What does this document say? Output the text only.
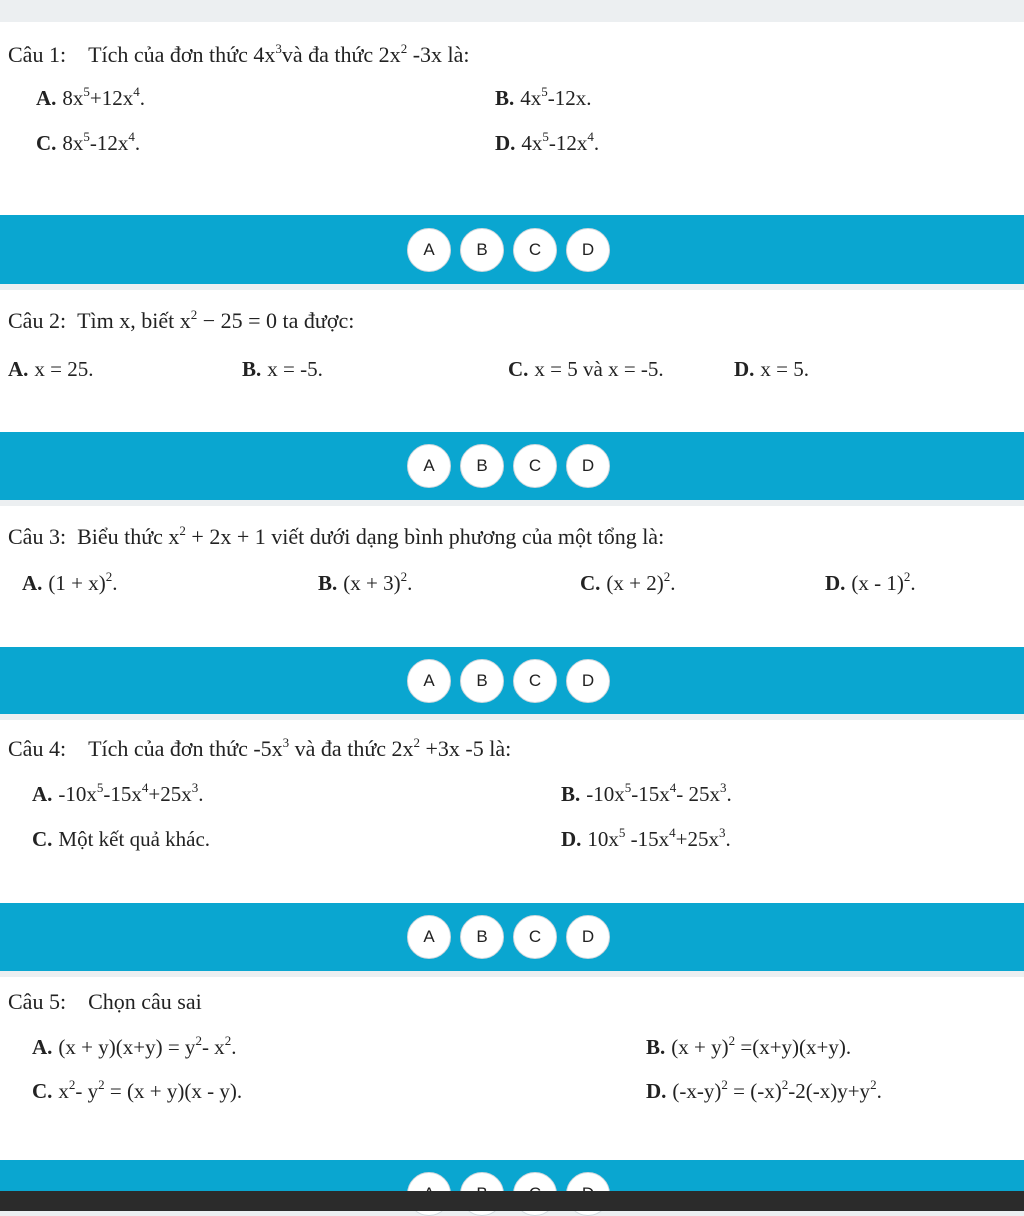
Câu 1: Tích của đơn thức $4x^3và$ đa thức $2x^2$ -3x là:
A. $8x^5+12x^4$.	B. $4x^5-12x$.
C. $8x^5-12x^4$.	D. $4x^5-12x^4$.
A	B	C	D
Câu 2: Tìm x, biết $x^2 - 25 = 0$ ta được:
A. x = 25.	B. x = -5.	C. x = 5 và x = -5.	D. x = 5.
A	B	C	D
Câu 3: Biểu thức $x^2 + 2x + 1$ viết dưới dạng bình phương của một tổng là:
A. $(1 + x)^2$.	B. $(x + 3)^2$.	C. $(x + 2)^2$.	D. (x - 1)$^2$.
A	B	C	D
Câu 4: Tích của đơn thức $-5x^3$ và đa thức $2x^2 +3x$ -5 là:
A. $-10x^5-15x^4+25x^3$.	B. $-10x^5-15x^4-$ $25x^3$.
C. Một kết quả khác.	D. $10x^5$ $-15x^4+25x^3$.
A	B	C	D
Câu 5: Chọn câu sai
A. $(x + y)(x+y) = y^2-$ $x^2$.	B. $(x + y)^2 =(x+y)(x+y)$.
C. $x^2-$ $y^2 = (x + y)(x - y)$.	D. $(-x-y)^2 = (-x)^2-2(-x)y+y^2$.
